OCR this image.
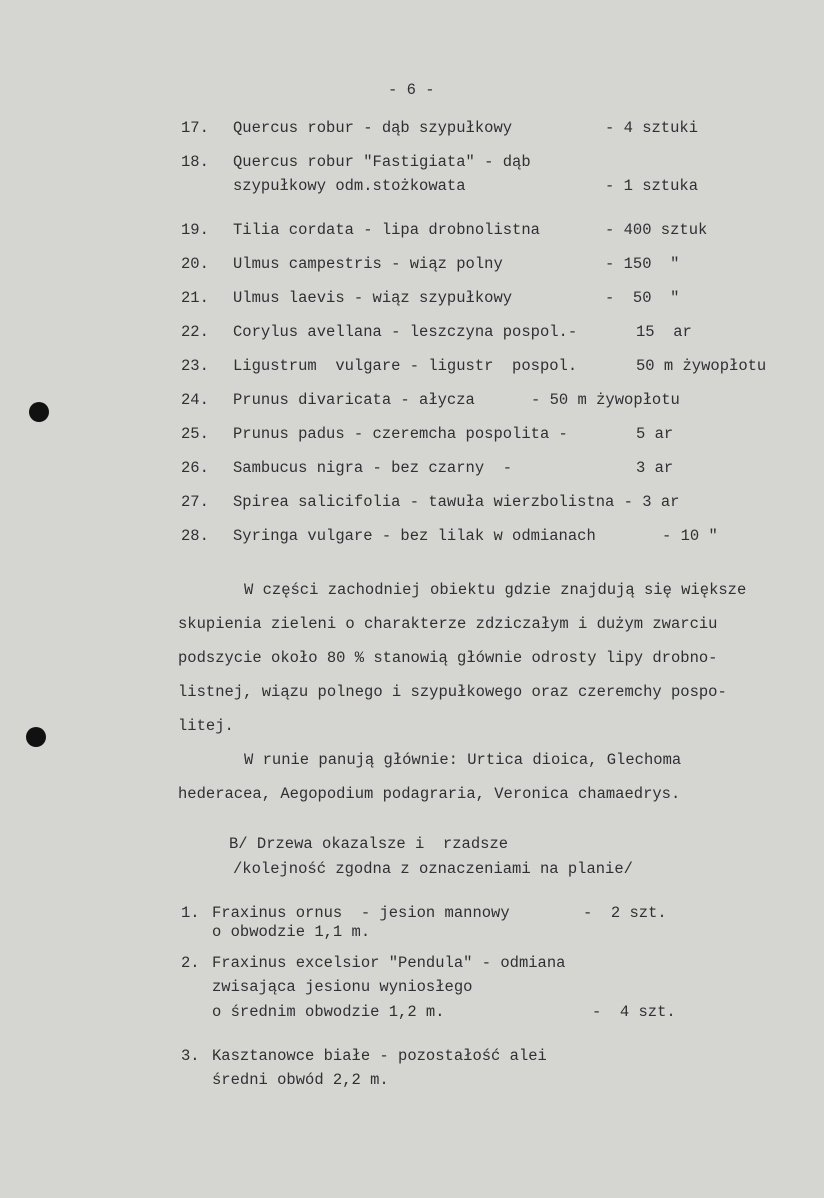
- 6 -
17. Quercus robur - dąb szypułkowy	- 4 sztuki
18. Quercus robur "Fastigiata" - dąb
szypułkowy odm.stożkowata	- 1 sztuka
19. Tilia cordata - lipa drobnolistna	- 400 sztuk
20. Ulmus campestris - wiąz polny	- 150  "
21. Ulmus laevis - wiąz szypułkowy	-  50  "
22. Corylus avellana - leszczyna pospol.-	15  ar
23. Ligustrum  vulgare - ligustr  pospol.	50 m żywopłotu
24. Prunus divaricata - ałycza	- 50 m żywopłotu
25. Prunus padus - czeremcha pospolita -	5 ar
26. Sambucus nigra - bez czarny  -	3 ar
27. Spirea salicifolia - tawuła wierzbolistna - 3 ar
28. Syringa vulgare - bez lilak w odmianach	- 10 "
W części zachodniej obiektu gdzie znajdują się większe
skupienia zieleni o charakterze zdziczałym i dużym zwarciu
podszycie około 80 % stanowią głównie odrosty lipy drobno-
listnej, wiązu polnego i szypułkowego oraz czeremchy pospo-
litej.
W runie panują głównie: Urtica dioica, Glechoma
hederacea, Aegopodium podagraria, Veronica chamaedrys.
B/ Drzewa okazalsze i  rzadsze
/kolejność zgodna z oznaczeniami na planie/
1. Fraxinus ornus  - jesion mannowy
o obwodzie 1,1 m.
-  2 szt.
2. Fraxinus excelsior "Pendula" - odmiana
zwisająca jesionu wyniosłego
o średnim obwodzie 1,2 m.	-  4 szt.
3. Kasztanowce białe - pozostałość alei
średni obwód 2,2 m.
